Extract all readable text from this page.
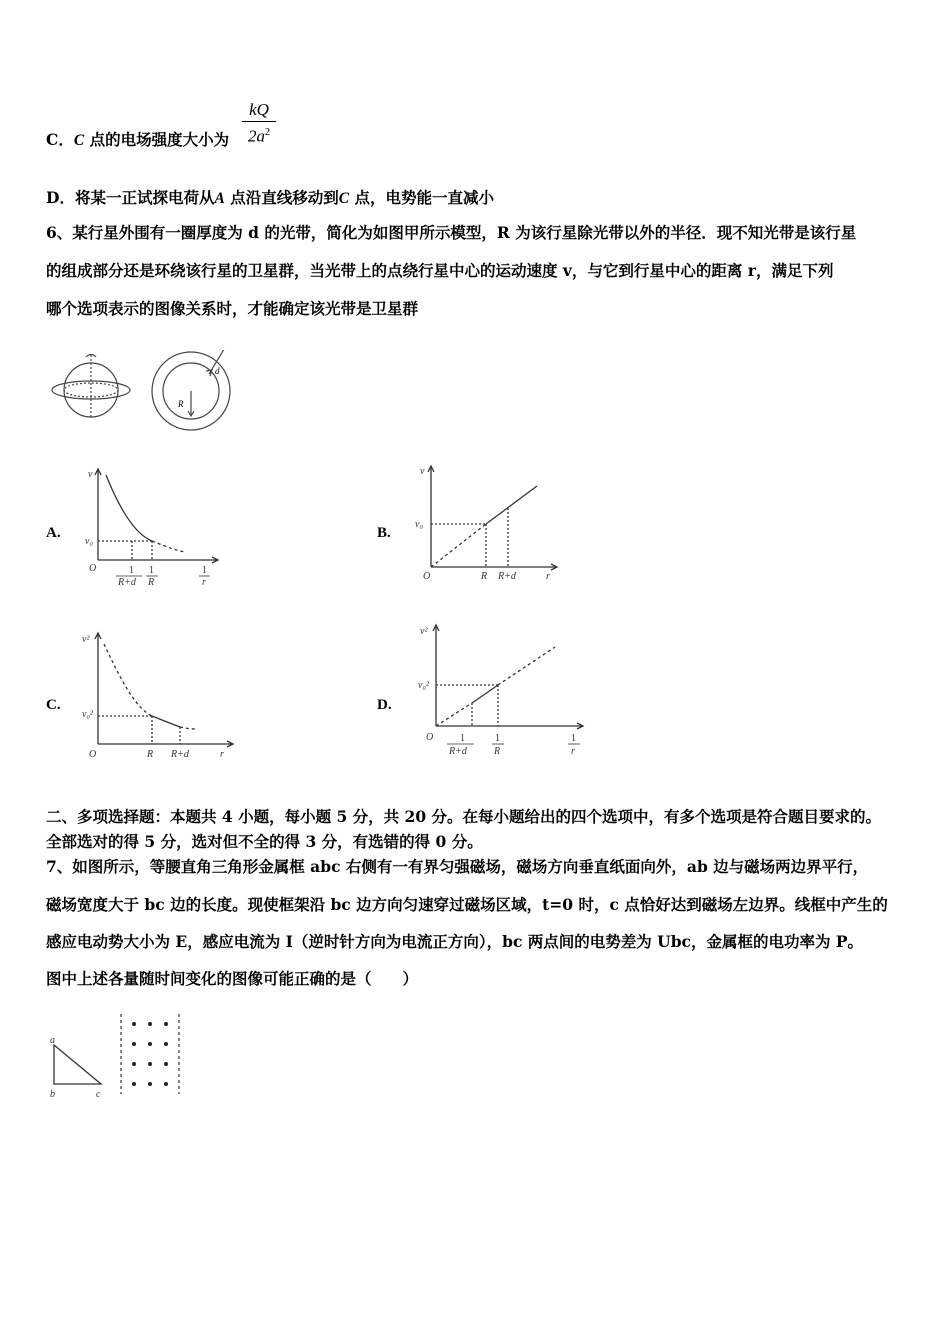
C．C 点的电场强度大小为
kQ
$2a^2$
D．将某一正试探电荷从A 点沿直线移动到C 点，电势能一直减小
6、某行星外围有一圈厚度为 d 的光带，简化为如图甲所示模型，R 为该行星除光带以外的半径．现不知光带是该行星
的组成部分还是环绕该行星的卫星群，当光带上的点绕行星中心的运动速度 v，与它到行星中心的距离 r，满足下列
哪个选项表示的图像关系时，才能确定该光带是卫星群
R
d
A.
v
v₀
O	1
R+d
1
R
1
r
B.
v
v₀
O	R R+d	r
C.
v²
v₀²
O	R R+d	r
D.
v²
v₀²
O	1
R+d
1
R
1
r
二、多项选择题：本题共 4 小题，每小题 5 分，共 20 分。在每小题给出的四个选项中，有多个选项是符合题目要求的。
全部选对的得 5 分，选对但不全的得 3 分，有选错的得 0 分。
7、如图所示，等腰直角三角形金属框 abc 右侧有一有界匀强磁场，磁场方向垂直纸面向外，ab 边与磁场两边界平行，
磁场宽度大于 bc 边的长度。现使框架沿 bc 边方向匀速穿过磁场区域，t=0 时，c 点恰好达到磁场左边界。线框中产生的
感应电动势大小为 E，感应电流为 I（逆时针方向为电流正方向），bc 两点间的电势差为 Ubc，金属框的电功率为 P。
图中上述各量随时间变化的图像可能正确的是（　　）
a
b	c
